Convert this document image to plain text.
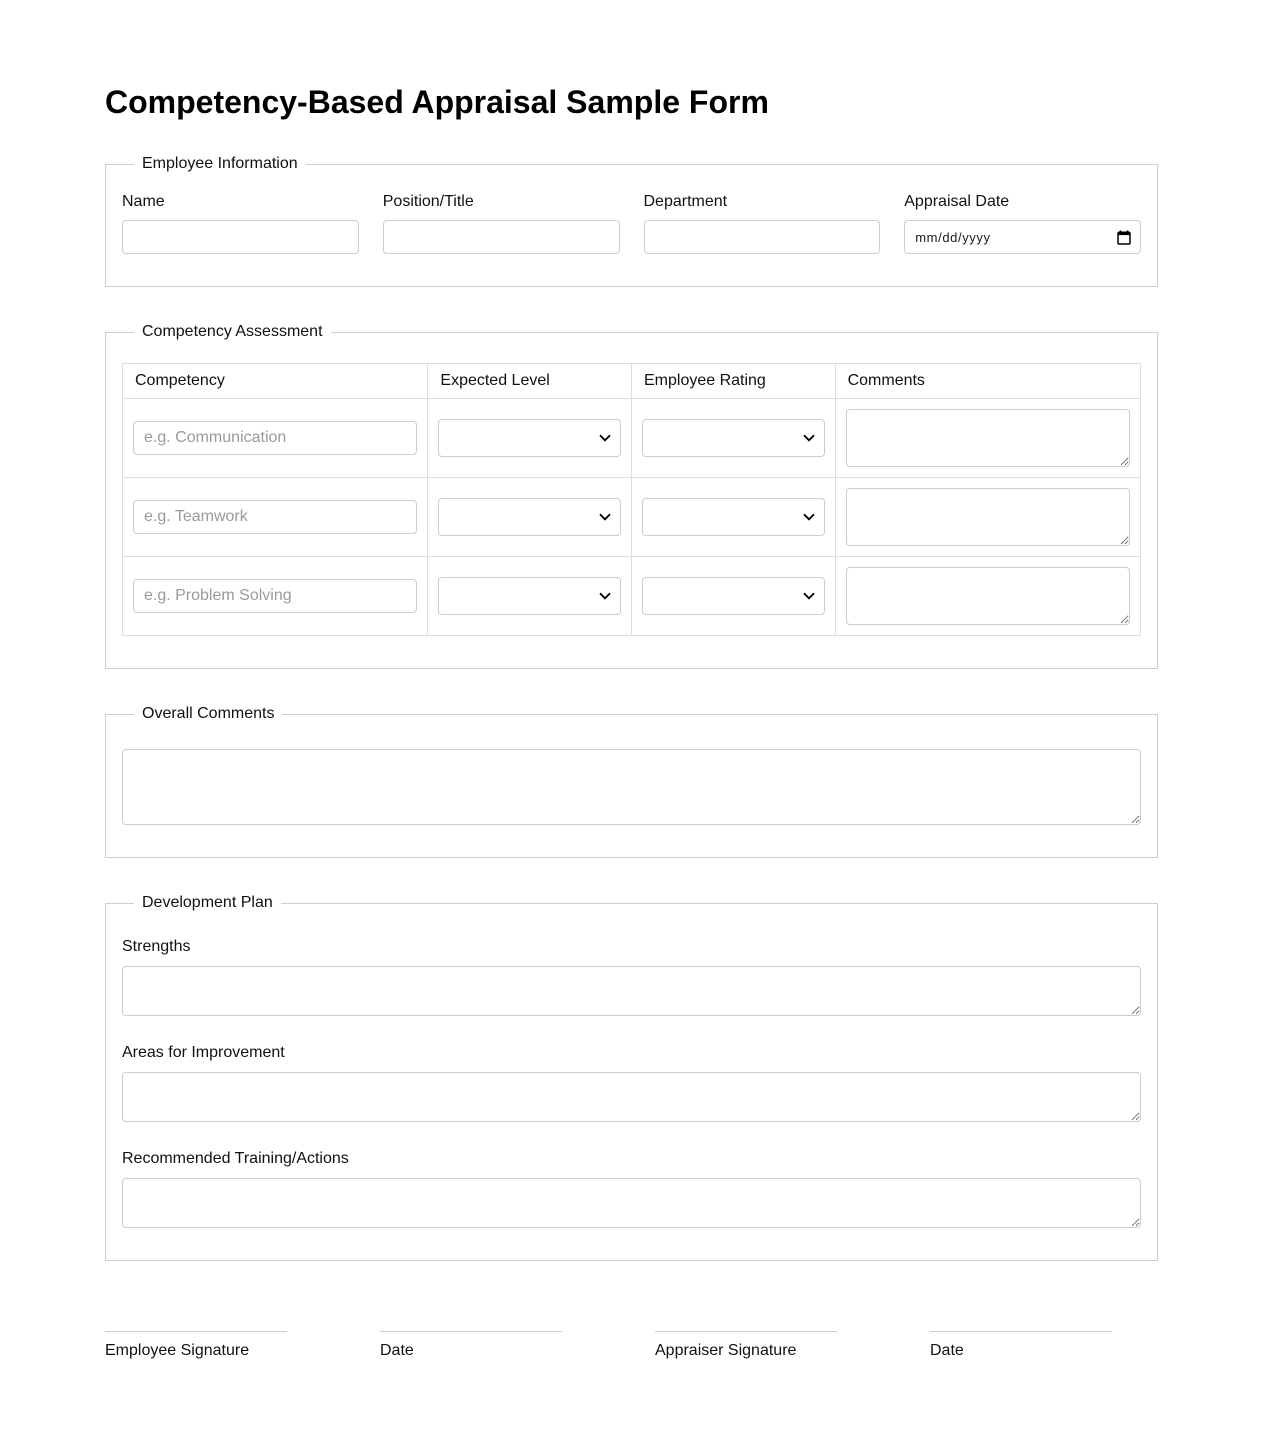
Competency-Based Appraisal Sample Form
Employee Information
Name	Position/Title	Department	Appraisal Date
mm/dd/yyyy
Competency Assessment
Competency	Expected Level	Employee Rating	Comments
e.g. Communication	

e.g. Teamwork	

e.g. Problem Solving	

Overall Comments
Development Plan
Strengths
Areas for Improvement
Recommended Training/Actions
Employee Signature	Date	Appraiser Signature	Date
